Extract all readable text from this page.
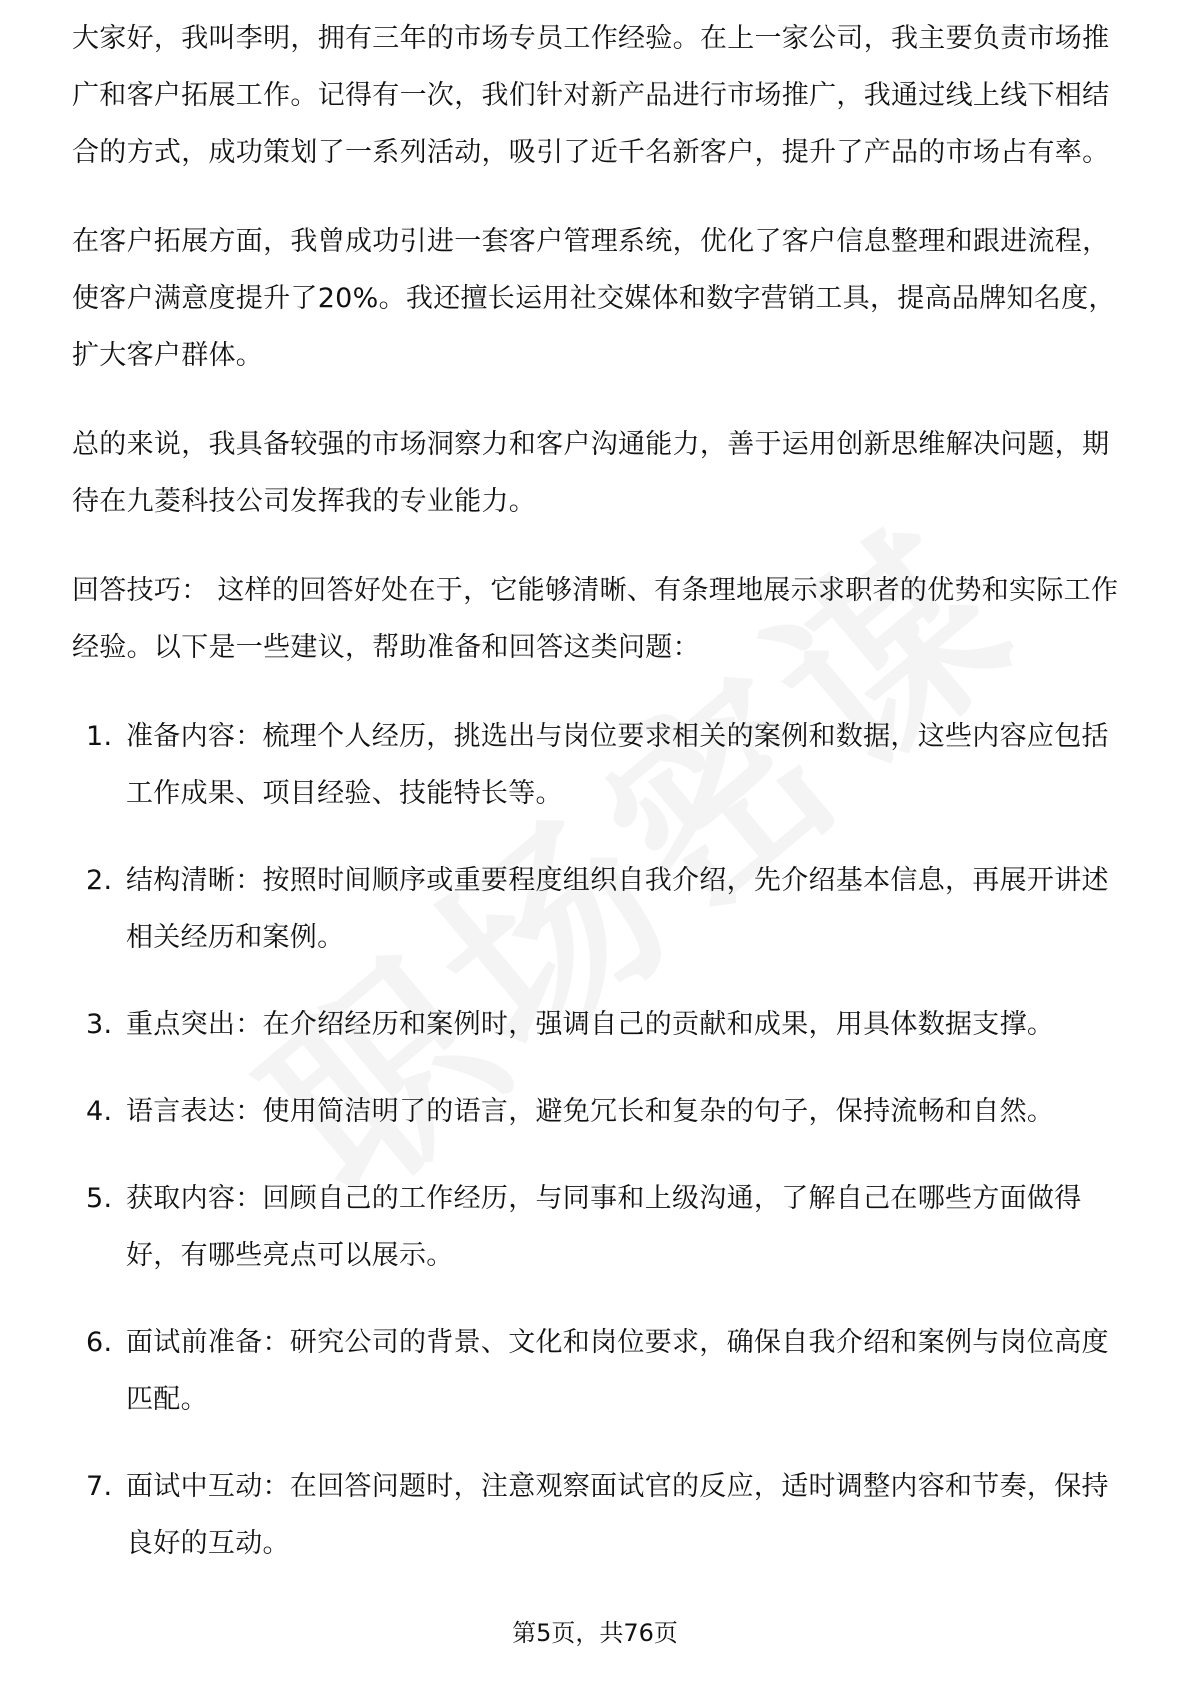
大家好，我叫李明，拥有三年的市场专员工作经验。在上一家公司，我主要负责市场推广和客户拓展工作。记得有一次，我们针对新产品进行市场推广，我通过线上线下相结合的方式，成功策划了一系列活动，吸引了近千名新客户，提升了产品的市场占有率。

在客户拓展方面，我曾成功引进一套客户管理系统，优化了客户信息整理和跟进流程，使客户满意度提升了20%。我还擅长运用社交媒体和数字营销工具，提高品牌知名度，扩大客户群体。

总的来说，我具备较强的市场洞察力和客户沟通能力，善于运用创新思维解决问题，期待在九菱科技公司发挥我的专业能力。

回答技巧： 这样的回答好处在于，它能够清晰、有条理地展示求职者的优势和实际工作经验。以下是一些建议，帮助准备和回答这类问题：

1. 准备内容：梳理个人经历，挑选出与岗位要求相关的案例和数据，这些内容应包括工作成果、项目经验、技能特长等。
2. 结构清晰：按照时间顺序或重要程度组织自我介绍，先介绍基本信息，再展开讲述相关经历和案例。
3. 重点突出：在介绍经历和案例时，强调自己的贡献和成果，用具体数据支撑。
4. 语言表达：使用简洁明了的语言，避免冗长和复杂的句子，保持流畅和自然。
5. 获取内容：回顾自己的工作经历，与同事和上级沟通，了解自己在哪些方面做得好，有哪些亮点可以展示。
6. 面试前准备：研究公司的背景、文化和岗位要求，确保自我介绍和案例与岗位高度匹配。
7. 面试中互动：在回答问题时，注意观察面试官的反应，适时调整内容和节奏，保持良好的互动。
第5页，共76页
